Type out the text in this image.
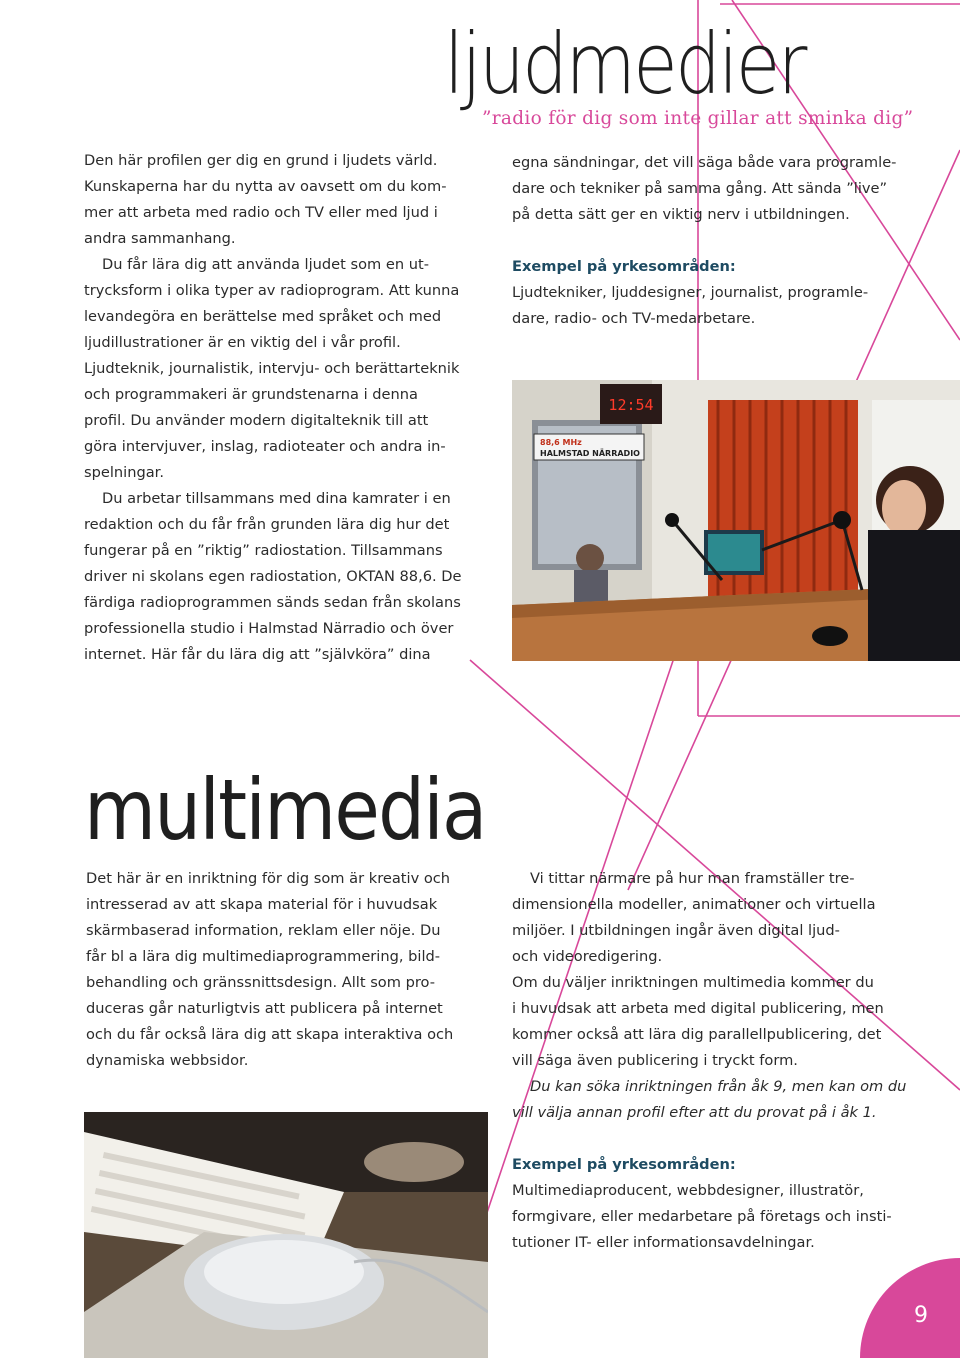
ljudmedier
”radio för dig som inte gillar att sminka dig”

Den här profilen ger dig en grund i ljudets värld.

Kunskaperna har du nytta av oavsett om du kom-

mer att arbeta med radio och TV eller med ljud i

andra sammanhang.

Du får lära dig att använda ljudet som en ut-

trycksform i olika typer av radioprogram. Att kunna

levandegöra en berättelse med språket och med

ljudillustrationer är en viktig del i vår profil.

Ljudteknik, journalistik, intervju- och berättarteknik

och programmakeri är grundstenarna i denna

profil. Du använder modern digitalteknik till att

göra intervjuver, inslag, radioteater och andra in-

spelningar.

Du arbetar tillsammans med dina kamrater i en

redaktion och du får från grunden lära dig hur det

fungerar på en ”riktig” radiostation. Tillsammans

driver ni skolans egen radiostation, OKTAN 88,6. De

färdiga radioprogrammen sänds sedan från skolans

professionella studio i Halmstad Närradio och över

internet. Här får du lära dig att ”självköra” dina

egna sändningar, det vill säga både vara programle-

dare och tekniker på samma gång. Att sända ”live”

på detta sätt ger en viktig nerv i utbildningen.

Exempel på yrkesområden:

Ljudtekniker, ljuddesigner, journalist, programle-

dare, radio- och TV-medarbetare.

12:54
88,6 MHz
HALMSTAD NÄRRADIO
multimedia

Det här är en inriktning för dig som är kreativ och

intresserad av att skapa material för i huvudsak

skärmbaserad information, reklam eller nöje. Du

får bl a lära dig multimediaprogrammering, bild-

behandling och gränssnittsdesign. Allt som pro-

duceras går naturligtvis att publicera på internet

och du får också lära dig att skapa interaktiva och

dynamiska webbsidor.

Vi tittar närmare på hur man framställer tre-

dimensionella modeller, animationer och virtuella

miljöer. I utbildningen ingår även digital ljud-

och videoredigering.

Om du väljer inriktningen multimedia kommer du

i huvudsak att arbeta med digital publicering, men

kommer också att lära dig parallellpublicering, det

vill säga även publicering i tryckt form.

Du kan söka inriktningen från åk 9, men kan om du

vill välja annan profil efter att du provat på i åk 1.

Exempel på yrkesområden:

Multimediaproducent, webbdesigner, illustratör,

formgivare, eller medarbetare på företags och insti-

tutioner IT- eller informationsavdelningar.

9
